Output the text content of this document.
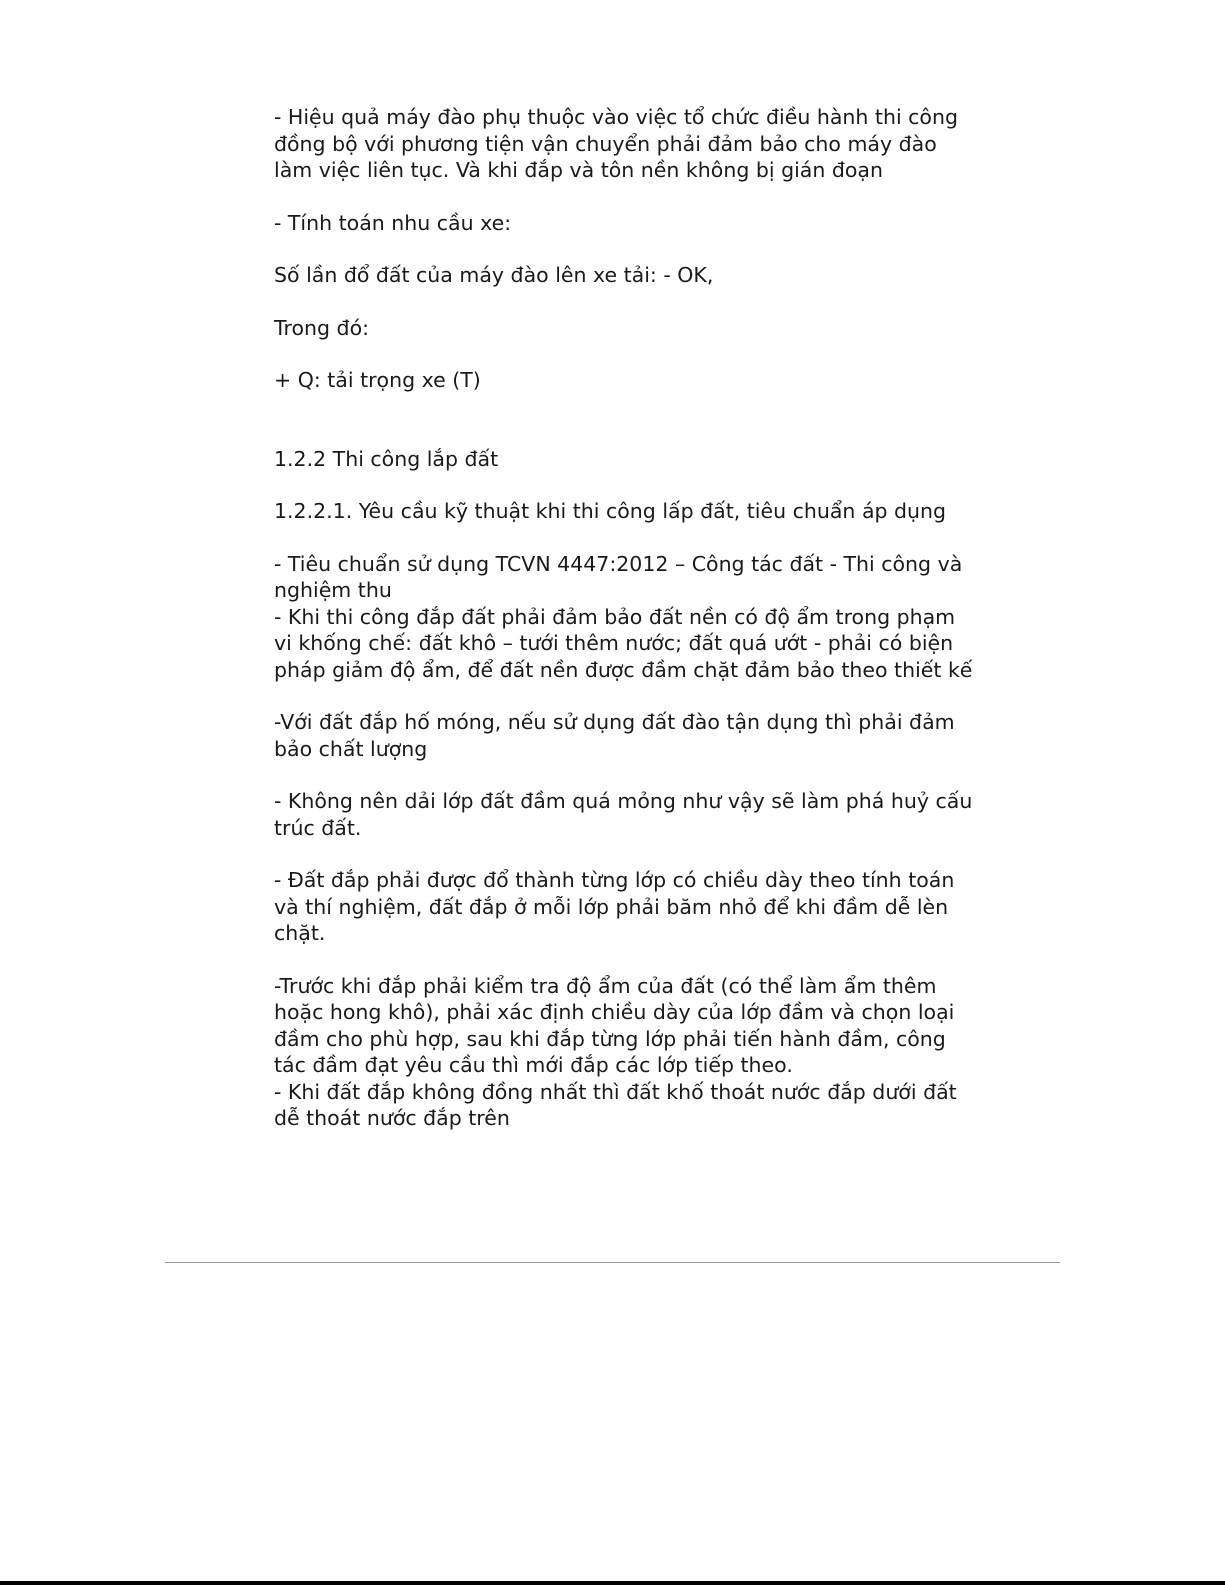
- Hiệu quả máy đào phụ thuộc vào việc tổ chức điều hành thi công
đồng bộ với phương tiện vận chuyển phải đảm bảo cho máy đào
làm việc liên tục. Và khi đắp và tôn nền không bị gián đoạn

- Tính toán nhu cầu xe:

Số lần đổ đất của máy đào lên xe tải: - OK,

Trong đó:

+ Q: tải trọng xe (T)

1.2.2 Thi công lắp đất

1.2.2.1. Yêu cầu kỹ thuật khi thi công lấp đất, tiêu chuẩn áp dụng

- Tiêu chuẩn sử dụng TCVN 4447:2012 – Công tác đất - Thi công và
nghiệm thu
- Khi thi công đắp đất phải đảm bảo đất nền có độ ẩm trong phạm
vi khống chế: đất khô – tưới thêm nước; đất quá ướt - phải có biện
pháp giảm độ ẩm, để đất nền được đầm chặt đảm bảo theo thiết kế

-Với đất đắp hố móng, nếu sử dụng đất đào tận dụng thì phải đảm
bảo chất lượng

- Không nên dải lớp đất đầm quá mỏng như vậy sẽ làm phá huỷ cấu
trúc đất.

- Đất đắp phải được đổ thành từng lớp có chiều dày theo tính toán
và thí nghiệm, đất đắp ở mỗi lớp phải băm nhỏ để khi đầm dễ lèn
chặt.

-Trước khi đắp phải kiểm tra độ ẩm của đất (có thể làm ẩm thêm
hoặc hong khô), phải xác định chiều dày của lớp đầm và chọn loại
đầm cho phù hợp, sau khi đắp từng lớp phải tiến hành đầm, công
tác đầm đạt yêu cầu thì mới đắp các lớp tiếp theo.
- Khi đất đắp không đồng nhất thì đất khố thoát nước đắp dưới đất
dễ thoát nước đắp trên
